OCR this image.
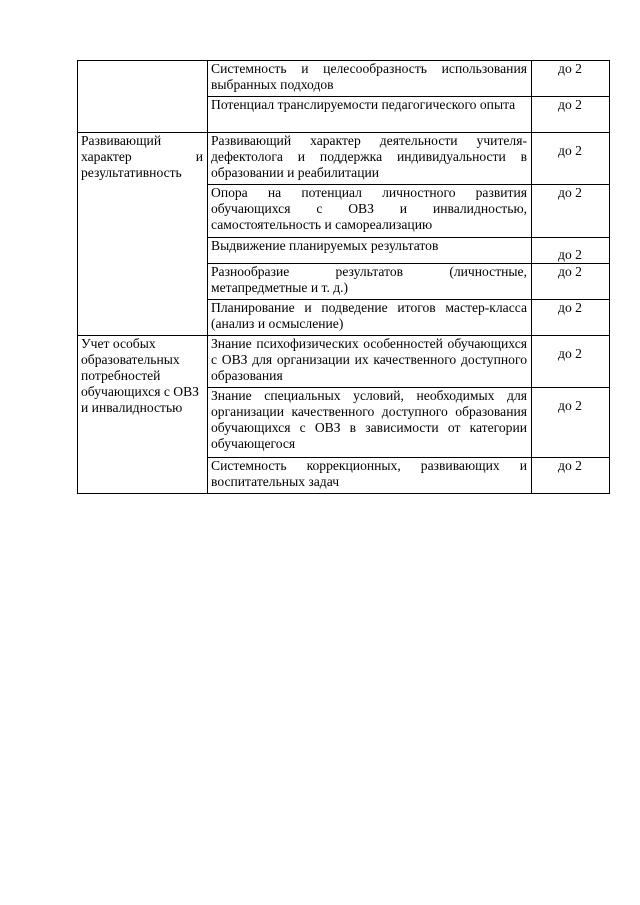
	Системность и целесообразность использования выбранных подходов	до 2
	Потенциал транслируемости педагогического опыта	до 2

Развивающий характер и результативность	Развивающий характер деятельности учителя-дефектолога и поддержка индивидуальности в образовании и реабилитации	до 2
	Опора на потенциал личностного развития обучающихся с ОВЗ и инвалидностью, самостоятельность и самореализацию	до 2
	Выдвижение планируемых результатов	до 2
	Разнообразие результатов (личностные, метапредметные и т. д.)	до 2
	Планирование и подведение итогов мастер-класса (анализ и осмысление)	до 2
Учет особых образовательных потребностей обучающихся с ОВЗ и инвалидностью	Знание психофизических особенностей обучающихся с ОВЗ для организации их качественного доступного образования	до 2
	Знание специальных условий, необходимых для организации качественного доступного образования обучающихся с ОВЗ в зависимости от категории обучающегося	до 2
	Системность коррекционных, развивающих и воспитательных задач	до 2
